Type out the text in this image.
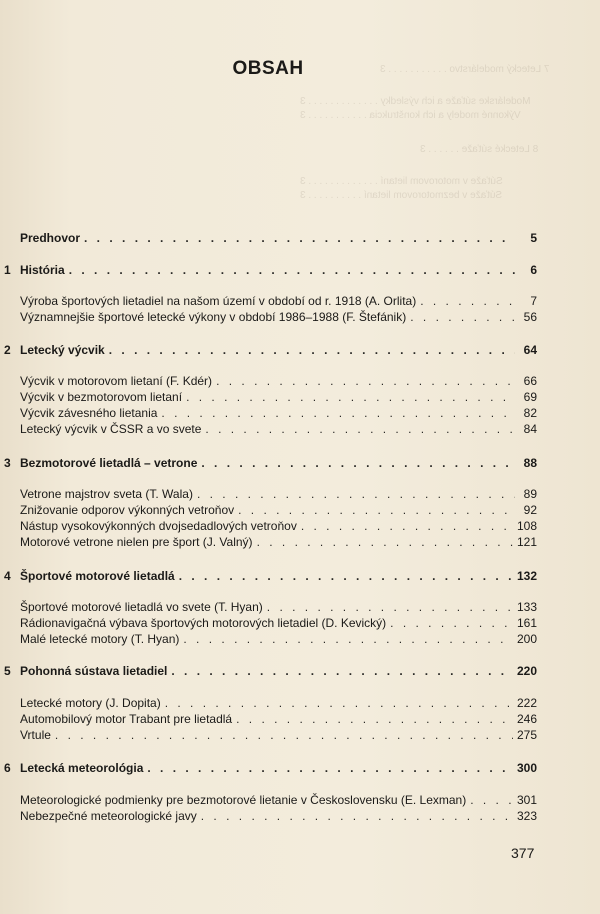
7 Letecký modelárstvo . . . . . . . . . . . 3
Modelárske súťaže a ich výsledky . . . . . . . . . . . . . 3
Výkonné modely a ich konštrukcia . . . . . . . . . . . 3
8 Letecké súťaže . . . . . . 3
Súťaže v motorovom lietaní . . . . . . . . . . . . . 3
Súťaže v bezmotorovom lietaní . . . . . . . . . . 3
OBSAH
Predhovor . . .	5
1 História . . .	6
Výroba športových lietadiel na našom území v období od r. 1918 (A. Orlita) . . .	7
Významnejšie športové letecké výkony v období 1986–1988 (F. Štefánik) . . .	56
2 Letecký výcvik . . .	64
Výcvik v motorovom lietaní (F. Kdér) . . .	66
Výcvik v bezmotorovom lietaní . . .	69
Výcvik závesného lietania . . .	82
Letecký výcvik v ČSSR a vo svete . . .	84
3 Bezmotorové lietadlá – vetrone . . .	88
Vetrone majstrov sveta (T. Wala) . . .	89
Znižovanie odporov výkonných vetroňov . . .	92
Nástup vysokovýkonných dvojsedadlových vetroňov . . .	108
Motorové vetrone nielen pre šport (J. Valný) . . .	121
4 Športové motorové lietadlá . . .	132
Športové motorové lietadlá vo svete (T. Hyan) . . .	133
Rádionavigačná výbava športových motorových lietadiel (D. Kevický) . . .	161
Malé letecké motory (T. Hyan) . . .	200
5 Pohonná sústava lietadiel . . .	220
Letecké motory (J. Dopita) . . .	222
Automobilový motor Trabant pre lietadlá . . .	246
Vrtule . . .	275
6 Letecká meteorológia . . .	300
Meteorologické podmienky pre bezmotorové lietanie v Československu (E. Lexman) . . .	301
Nebezpečné meteorologické javy . . .	323
377
